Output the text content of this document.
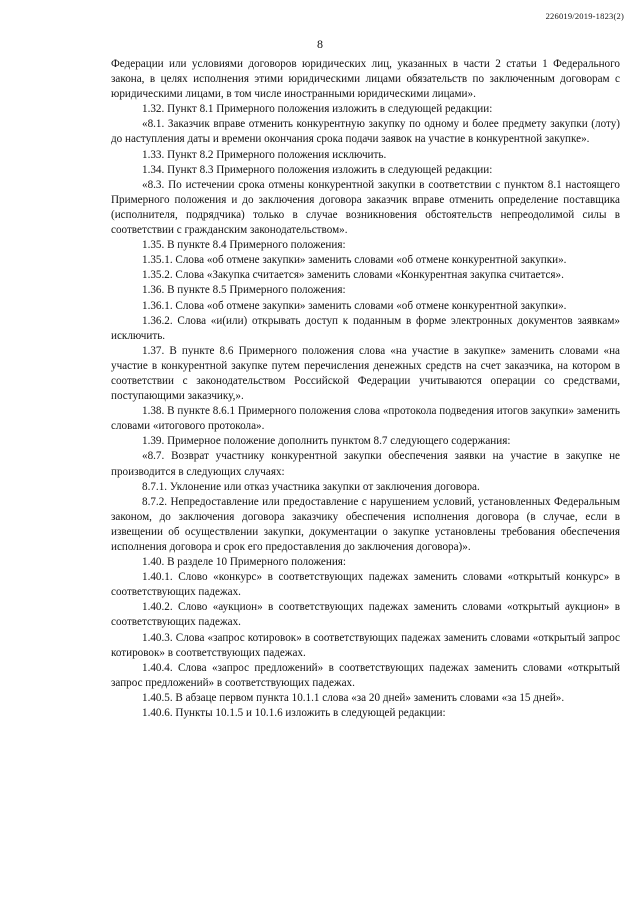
226019/2019-1823(2)
8

Федерации или условиями договоров юридических лиц, указанных в части 2 статьи 1 Федерального закона, в целях исполнения этими юридическими лицами обязательств по заключенным договорам с юридическими лицами, в том числе иностранными юридическими лицами».

1.32. Пункт 8.1 Примерного положения изложить в следующей редакции:

«8.1. Заказчик вправе отменить конкурентную закупку по одному и более предмету закупки (лоту) до наступления даты и времени окончания срока подачи заявок на участие в конкурентной закупке».

1.33. Пункт 8.2 Примерного положения исключить.

1.34. Пункт 8.3 Примерного положения изложить в следующей редакции:

«8.3. По истечении срока отмены конкурентной закупки в соответствии с пунктом 8.1 настоящего Примерного положения и до заключения договора заказчик вправе отменить определение поставщика (исполнителя, подрядчика) только в случае возникновения обстоятельств непреодолимой силы в соответствии с гражданским законодательством».

1.35. В пункте 8.4 Примерного положения:

1.35.1. Слова «об отмене закупки» заменить словами «об отмене конкурентной закупки».

1.35.2. Слова «Закупка считается» заменить словами «Конкурентная закупка считается».

1.36. В пункте 8.5 Примерного положения:

1.36.1. Слова «об отмене закупки» заменить словами «об отмене конкурентной закупки».

1.36.2. Слова «и(или) открывать доступ к поданным в форме электронных документов заявкам» исключить.

1.37. В пункте 8.6 Примерного положения слова «на участие в закупке» заменить словами «на участие в конкурентной закупке путем перечисления денежных средств на счет заказчика, на котором в соответствии с законодательством Российской Федерации учитываются операции со средствами, поступающими заказчику,».

1.38. В пункте 8.6.1 Примерного положения слова «протокола подведения итогов закупки» заменить словами «итогового протокола».

1.39. Примерное положение дополнить пунктом 8.7 следующего содержания:

«8.7. Возврат участнику конкурентной закупки обеспечения заявки на участие в закупке не производится в следующих случаях:

8.7.1. Уклонение или отказ участника закупки от заключения договора.

8.7.2. Непредоставление или предоставление с нарушением условий, установленных Федеральным законом, до заключения договора заказчику обеспечения исполнения договора (в случае, если в извещении об осуществлении закупки, документации о закупке установлены требования обеспечения исполнения договора и срок его предоставления до заключения договора)».

1.40. В разделе 10 Примерного положения:

1.40.1. Слово «конкурс» в соответствующих падежах заменить словами «открытый конкурс» в соответствующих падежах.

1.40.2. Слово «аукцион» в соответствующих падежах заменить словами «открытый аукцион» в соответствующих падежах.

1.40.3. Слова «запрос котировок» в соответствующих падежах заменить словами «открытый запрос котировок» в соответствующих падежах.

1.40.4. Слова «запрос предложений» в соответствующих падежах заменить словами «открытый запрос предложений» в соответствующих падежах.

1.40.5. В абзаце первом пункта 10.1.1 слова «за 20 дней» заменить словами «за 15 дней».

1.40.6. Пункты 10.1.5 и 10.1.6 изложить в следующей редакции:
